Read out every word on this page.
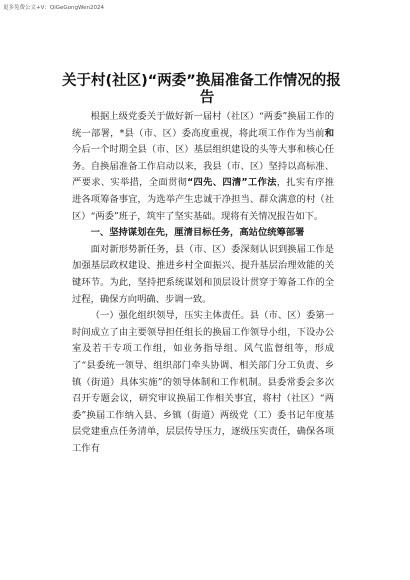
更多免费公文+V：QiGeGongWen2024
关于村(社区)“两委”换届准备工作情况的报
告

根据上级党委关于做好新一届村（社区）“两委”换届工作的统一部署，*县（市、区）委高度重视，将此项工作作为当前和今后一个时期全县（市、区）基层组织建设的头等大事和核心任务。自换届准备工作启动以来，我县（市、区）坚持以高标准、严要求、实举措，全面贯彻“四先、四清”工作法，扎实有序推进各项筹备事宜，为选举产生忠诚干净担当、群众满意的村（社区）“两委”班子，筑牢了坚实基础。现将有关情况报告如下。

一、坚持谋划在先，厘清目标任务，高站位统筹部署

面对新形势新任务，县（市、区）委深刻认识到换届工作是加强基层政权建设、推进乡村全面振兴、提升基层治理效能的关键环节。为此，坚持把系统谋划和顶层设计贯穿于筹备工作的全过程，确保方向明确、步调一致。

（一）强化组织领导，压实主体责任。县（市、区）委第一时间成立了由主要领导担任组长的换届工作领导小组，下设办公室及若干专项工作组，如业务指导组、风气监督组等，形成了“县委统一领导、组织部门牵头协调、相关部门分工负责、乡镇（街道）具体实施”的领导体制和工作机制。县委常委会多次召开专题会议，研究审议换届工作相关事宜，将村（社区）“两委”换届工作纳入县、乡镇（街道）两级党（工）委书记年度基层党建重点任务清单，层层传导压力，逐级压实责任，确保各项工作有
